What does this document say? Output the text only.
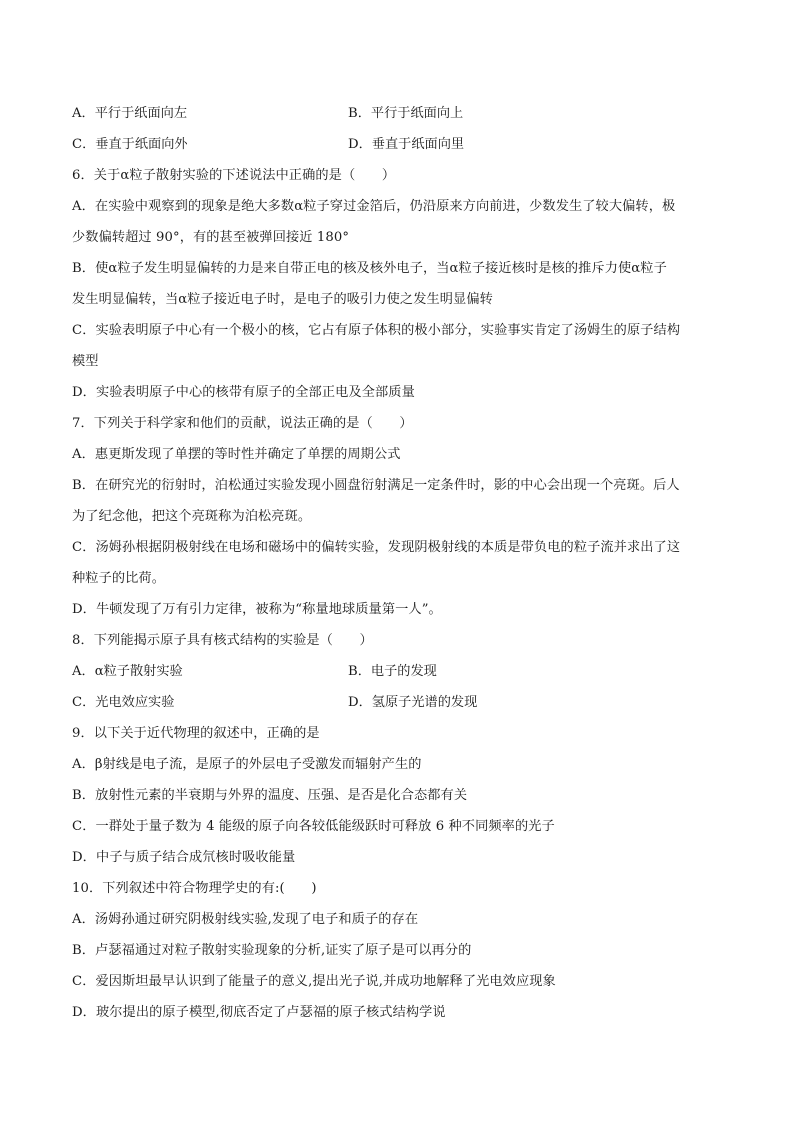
A．平行于纸面向左	B．平行于纸面向上
C．垂直于纸面向外	D．垂直于纸面向里
6．关于α粒子散射实验的下述说法中正确的是（　　）
A．在实验中观察到的现象是绝大多数α粒子穿过金箔后，仍沿原来方向前进，少数发生了较大偏转，极
少数偏转超过 90°，有的甚至被弹回接近 180°
B．使α粒子发生明显偏转的力是来自带正电的核及核外电子，当α粒子接近核时是核的推斥力使α粒子
发生明显偏转，当α粒子接近电子时，是电子的吸引力使之发生明显偏转
C．实验表明原子中心有一个极小的核，它占有原子体积的极小部分，实验事实肯定了汤姆生的原子结构
模型
D．实验表明原子中心的核带有原子的全部正电及全部质量
7．下列关于科学家和他们的贡献，说法正确的是（　　）
A．惠更斯发现了单摆的等时性并确定了单摆的周期公式
B．在研究光的衍射时，泊松通过实验发现小圆盘衍射满足一定条件时，影的中心会出现一个亮斑。后人
为了纪念他，把这个亮斑称为泊松亮斑。
C．汤姆孙根据阴极射线在电场和磁场中的偏转实验，发现阴极射线的本质是带负电的粒子流并求出了这
种粒子的比荷。
D．牛顿发现了万有引力定律，被称为“称量地球质量第一人”。
8．下列能揭示原子具有核式结构的实验是（　　）
A．α粒子散射实验	B．电子的发现
C．光电效应实验	D．氢原子光谱的发现
9．以下关于近代物理的叙述中，正确的是
A．β射线是电子流，是原子的外层电子受激发而辐射产生的
B．放射性元素的半衰期与外界的温度、压强、是否是化合态都有关
C．一群处于量子数为 4 能级的原子向各较低能级跃时可释放 6 种不同频率的光子
D．中子与质子结合成氘核时吸收能量
10．下列叙述中符合物理学史的有:(　　)
A．汤姆孙通过研究阴极射线实验,发现了电子和质子的存在
B．卢瑟福通过对粒子散射实验现象的分析,证实了原子是可以再分的
C．爱因斯坦最早认识到了能量子的意义,提出光子说,并成功地解释了光电效应现象
D．玻尔提出的原子模型,彻底否定了卢瑟福的原子核式结构学说
